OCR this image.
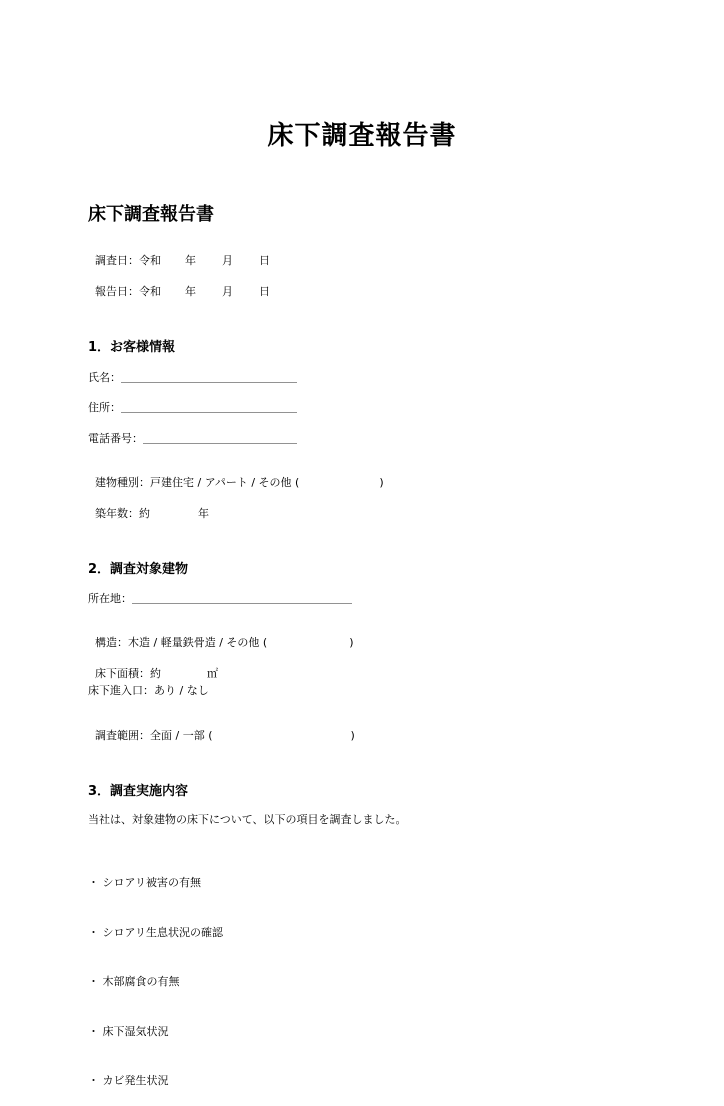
床下調査報告書
床下調査報告書

調査日：令和 年 月 日

報告日：令和 年 月 日

1．お客様情報
氏名：＿＿＿＿＿＿＿＿＿＿＿＿＿＿＿＿
住所：＿＿＿＿＿＿＿＿＿＿＿＿＿＿＿＿
電話番号：＿＿＿＿＿＿＿＿＿＿＿＿＿＿

建物種別：戸建住宅 / アパート / その他 (	)

築年数：約	年

2．調査対象建物
所在地：＿＿＿＿＿＿＿＿＿＿＿＿＿＿＿＿＿＿＿＿

構造：木造 / 軽量鉄骨造 / その他 (	)

床下面積：約	㎡

床下進入口：あり / なし

調査範囲：全面 / 一部 (	)

3．調査実施内容
当社は、対象建物の床下について、以下の項目を調査しました。

・ シロアリ被害の有無

・ シロアリ生息状況の確認

・ 木部腐食の有無

・ 床下湿気状況

・ カビ発生状況
